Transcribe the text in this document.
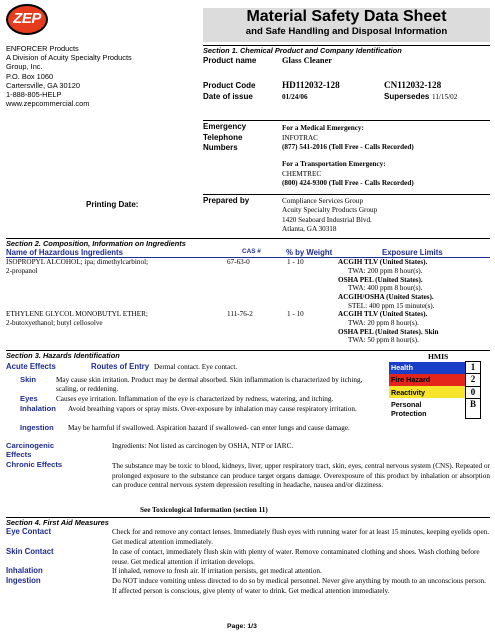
ZEP	Material Safety Data Sheet
and Safe Handling and Disposal Information
ENFORCER Products
A Division of Acuity Specialty Products
Group, Inc.
P.O. Box 1060
Cartersville, GA 30120
1-888-805-HELP
www.zepcommercial.com
Section 1. Chemical Product and Company Identification
Product name	Glass Cleaner
Product Code	HD112032-128	CN112032-128
Date of issue	01/24/06	Supersedes 11/15/02
Emergency
Telephone
Numbers
For a Medical Emergency:
INFOTRAC
(877) 541-2016 (Toll Free - Calls Recorded)
For a Transportation Emergency:
CHEMTREC
(800) 424-9300 (Toll Free - Calls Recorded)
Printing Date:	Prepared by	Compliance Services Group
Acuity Specialty Products Group
1420 Seaboard Industrial Blvd.
Atlanta, GA 30318
Section 2. Composition, Information on Ingredients
Name of Hazardous Ingredients	CAS #	% by Weight	Exposure Limits
ISOPROPYL ALCOHOL; ipa; dimethylcarbinol;
2-propanol
67-63-0	1 - 10	ACGIH TLV (United States).
TWA: 200 ppm 8 hour(s).
OSHA PEL (United States).
TWA: 400 ppm 8 hour(s).
ACGIH/OSHA (United States).
STEL: 400 ppm 15 minute(s).
ETHYLENE GLYCOL MONOBUTYL ETHER;
2-butoxyethanol; butyl cellosolve
111-76-2	1 - 10	ACGIH TLV (United States).
TWA: 20 ppm 8 hour(s).
OSHA PEL (United States). Skin
TWA: 50 ppm 8 hour(s).
Section 3. Hazards Identification
Acute Effects	Routes of Entry Dermal contact. Eye contact.
Skin	May cause skin irritation. Product may be dermal absorbed. Skin inflammation is characterized by itching, scaling, or reddening.
Eyes	Causes eye irritation. Inflammation of the eye is characterized by redness, watering, and itching.
Inhalation Avoid breathing vapors or spray mists. Over-exposure by inhalation may cause respiratory irritation.
Ingestion May be harmful if swallowed. Aspiration hazard if swallowed- can enter lungs and cause damage.
Carcinogenic
Effects
Ingredients: Not listed as carcinogen by OSHA, NTP or IARC.
Chronic Effects	The substance may be toxic to blood, kidneys, liver, upper respiratory tract, skin, eyes, central nervous system (CNS). Repeated or prolonged exposure to the substance can produce target organs damage. Overexposure of this product by inhalation or absorption can produce central nervous system depression resulting in headache, nausea and/or dizziness.
See Toxicological Information (section 11)
HMIS
Health	1
Fire Hazard	2
Reactivity	0

Personal
Protection	B
Section 4. First Aid Measures
Eye Contact	Check for and remove any contact lenses. Immediately flush eyes with running water for at least 15 minutes, keeping eyelids open. Get medical attention immediately.
Skin Contact	In case of contact, immediately flush skin with plenty of water. Remove contaminated clothing and shoes. Wash clothing before reuse. Get medical attention if irritation develops.
Inhalation	If inhaled, remove to fresh air. If irritation persists, get medical attention.
Ingestion	Do NOT induce vomiting unless directed to do so by medical personnel. Never give anything by mouth to an unconscious person. If affected person is conscious, give plenty of water to drink. Get medical attention immediately.
Page: 1/3
